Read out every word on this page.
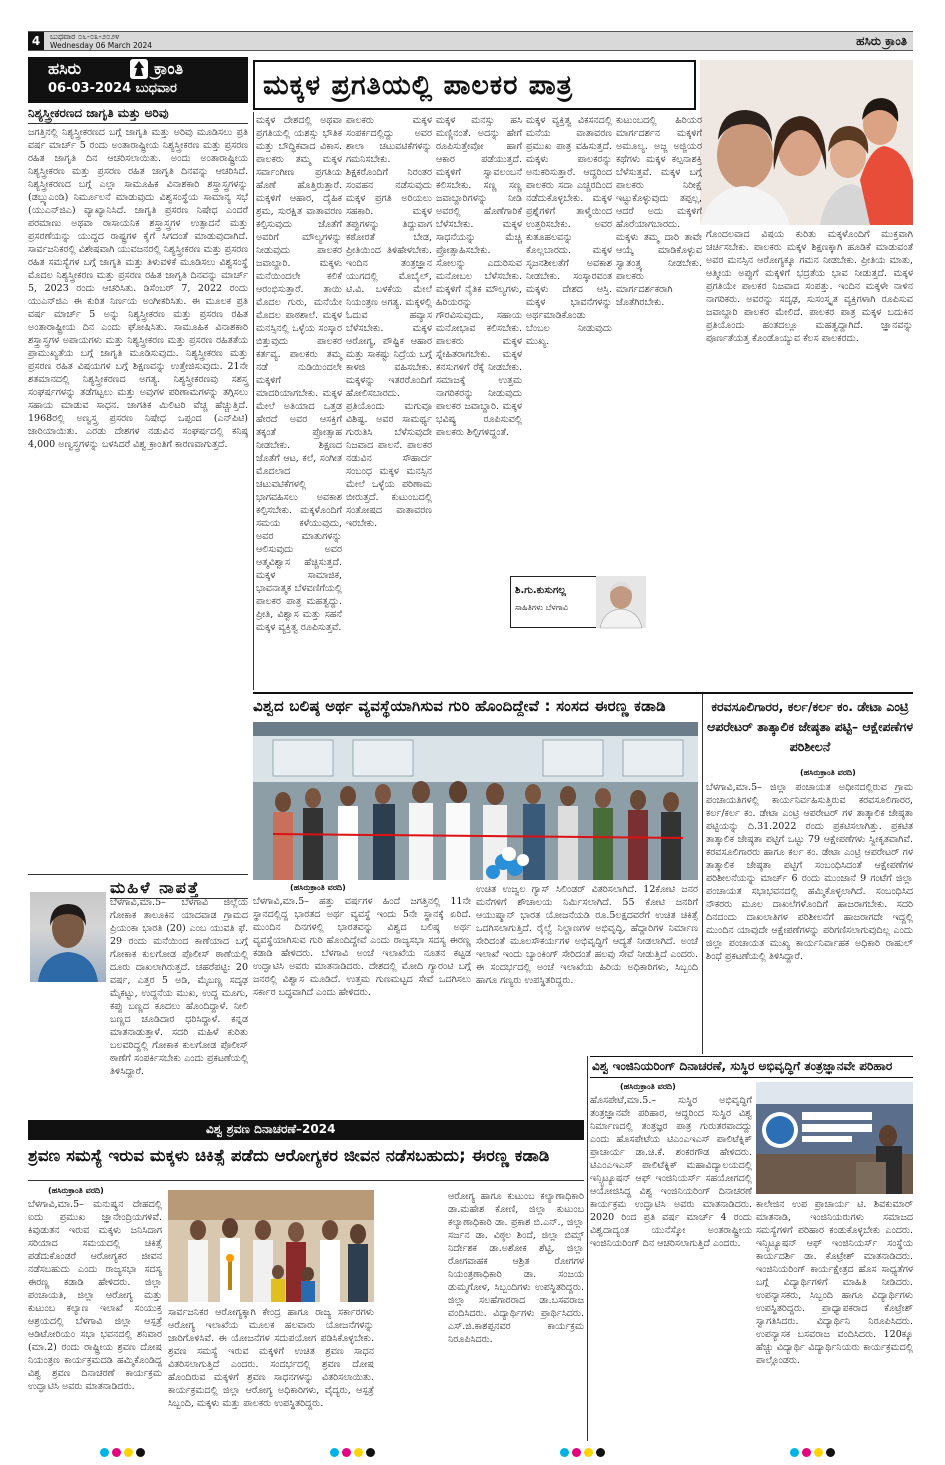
4	ಬುಧವಾರ ೦೬-೦೩-೨೦೨೪
Wednesday 06 March 2024	ಹಸಿರು ಕ್ರಾಂತಿ
ಹಸಿರು	ಕ್ರಾಂತಿ
06-03-2024 ಬುಧವಾರ
ನಿಶ್ಯಸ್ತ್ರೀಕರಣದ ಜಾಗೃತಿ ಮತ್ತು ಅರಿವು
ಜಗತ್ತಿನಲ್ಲಿ ನಿಶ್ಯಸ್ತ್ರೀಕರಣದ ಬಗ್ಗೆ ಜಾಗೃತಿ ಮತ್ತು ಅರಿವು ಮೂಡಿಸಲು ಪ್ರತಿ ವರ್ಷ ಮಾರ್ಚ್ 5 ರಂದು ಅಂತಾರಾಷ್ಟ್ರೀಯ ನಿಶ್ಯಸ್ತ್ರೀಕರಣ ಮತ್ತು ಪ್ರಸರಣ ರಹಿತ ಜಾಗೃತಿ ದಿನ ಆಚರಿಸಲಾಯಿತು. ಅಂದು ಅಂತಾರಾಷ್ಟ್ರೀಯ ನಿಶ್ಯಸ್ತ್ರೀಕರಣ ಮತ್ತು ಪ್ರಸರಣ ರಹಿತ ಜಾಗೃತಿ ದಿನವನ್ನು ಆಚರಿಸಿದೆ. ನಿಶ್ಯಸ್ತ್ರೀಕರಣದ ಬಗ್ಗೆ ಎಲ್ಲಾ ಸಾಮೂಹಿಕ ವಿನಾಶಕಾರಿ ಶಸ್ತ್ರಾಸ್ತ್ರಗಳನ್ನು (ಡಬ್ಲ್ಯುಎಂಡಿ) ನಿರ್ಮೂಲನೆ ಮಾಡುವುದು ವಿಶ್ವಸಂಸ್ಥೆಯ ಸಾಮಾನ್ಯ ಸಭೆ (ಯುಎನ್‌ಜಿಎ) ವ್ಯಾಖ್ಯಾನಿಸಿದೆ. ಜಾಗೃತಿ ಪ್ರಸರಣ ನಿಷೇಧ ಎಂದರೆ ಪರಮಾಣು ಅಥವಾ ರಾಸಾಯನಿಕ ಶಸ್ತ್ರಾಸ್ತ್ರಗಳ ಉತ್ಪಾದನೆ ಮತ್ತು ಪ್ರಸರಣೆಯನ್ನು ಯುದ್ಧದ ರಾಷ್ಟ್ರಗಳ ಕೈಗೆ ಸಿಗದಂತೆ ಮಾಡುವುದಾಗಿದೆ. ಸಾರ್ವಜನಿಕರಲ್ಲಿ ವಿಶೇಷವಾಗಿ ಯುವಜನರಲ್ಲಿ ನಿಶ್ಯಸ್ತ್ರೀಕರಣ ಮತ್ತು ಪ್ರಸರಣ ರಹಿತ ಸಮಸ್ಯೆಗಳ ಬಗ್ಗೆ ಜಾಗೃತಿ ಮತ್ತು ತಿಳುವಳಿಕೆ ಮೂಡಿಸಲು ವಿಶ್ವಸಂಸ್ಥೆ ಮೊದಲ ನಿಶ್ಯಸ್ತ್ರೀಕರಣ ಮತ್ತು ಪ್ರಸರಣ ರಹಿತ ಜಾಗೃತಿ ದಿನವನ್ನು ಮಾರ್ಚ್ 5, 2023 ರಂದು ಆಚರಿಸಿತು. ಡಿಸೆಂಬರ್ 7, 2022 ರಂದು ಯುಎನ್‌ಜಿಎ ಈ ಕುರಿತ ನಿರ್ಣಯ ಅಂಗೀಕರಿಸಿತು. ಈ ಮೂಲಕ ಪ್ರತಿ ವರ್ಷ ಮಾರ್ಚ್ 5 ಅನ್ನು ನಿಶ್ಯಸ್ತ್ರೀಕರಣ ಮತ್ತು ಪ್ರಸರಣ ರಹಿತ ಅಂತಾರಾಷ್ಟ್ರೀಯ ದಿನ ಎಂದು ಘೋಷಿಸಿತು. ಸಾಮೂಹಿಕ ವಿನಾಶಕಾರಿ ಶಸ್ತ್ರಾಸ್ತ್ರಗಳ ಅಪಾಯಗಳು ಮತ್ತು ನಿಶ್ಯಸ್ತ್ರೀಕರಣ ಮತ್ತು ಪ್ರಸರಣ ರಹಿತತೆಯ ಪ್ರಾಮುಖ್ಯತೆಯ ಬಗ್ಗೆ ಜಾಗೃತಿ ಮೂಡಿಸುವುದು. ನಿಶ್ಯಸ್ತ್ರೀಕರಣ ಮತ್ತು ಪ್ರಸರಣ ರಹಿತ ವಿಷಯಗಳ ಬಗ್ಗೆ ಶಿಕ್ಷಣವನ್ನು ಉತ್ತೇಜಿಸುವುದು. 21ನೇ ಶತಮಾನದಲ್ಲಿ ನಿಶ್ಯಸ್ತ್ರೀಕರಣದ ಅಗತ್ಯ. ನಿಶ್ಯಸ್ತ್ರೀಕರಣವು ಸಶಸ್ತ್ರ ಸಂಘರ್ಷಗಳನ್ನು ತಡೆಗಟ್ಟಲು ಮತ್ತು ಅವುಗಳ ಪರಿಣಾಮಗಳನ್ನು ತಗ್ಗಿಸಲು ಸಹಾಯ ಮಾಡುವ ಸಾಧನ. ಜಾಗತಿಕ ಮಿಲಿಟರಿ ವೆಚ್ಚ ಹೆಚ್ಚುತ್ತಿದೆ. 1968ರಲ್ಲಿ ಅಣ್ವಸ್ತ್ರ ಪ್ರಸರಣ ನಿಷೇಧ ಒಪ್ಪಂದ (ಎನ್‌ಪಿಟಿ) ಜಾರಿಯಾಯಿತು. ಎರಡು ದೇಶಗಳ ನಡುವಿನ ಸಂಘರ್ಷದಲ್ಲಿ ಕನಿಷ್ಠ 4,000 ಅಣ್ವಸ್ತ್ರಗಳನ್ನು ಬಳಸಿದರೆ ವಿಶ್ವ ಕ್ರಾಂತಿಗೆ ಕಾರಣವಾಗುತ್ತದೆ.
ಮಹಿಳೆ ನಾಪತ್ತೆ
ಬೆಳಗಾವಿ,ಮಾ.5– ಬೆಳಗಾವಿ ಜಿಲ್ಲೆಯ ಗೋಕಾಕ ತಾಲೂಕಿನ ಯಾದವಾಡ ಗ್ರಾಮದ ಪ್ರಿಯಂಕಾ ಭಾರತಿ (20) ಎಂಬ ಯುವತಿ ಫೆ. 29 ರಂದು ಮನೆಯಿಂದ ಕಾಣೆಯಾದ ಬಗ್ಗೆ ಗೋಕಾಕ ಕುಲಗೋಡ ಪೊಲೀಸ್ ಠಾಣೆಯಲ್ಲಿ ದೂರು ದಾಖಲಾಗಿರುತ್ತದೆ. ಚಹರೆಪಟ್ಟಿ: 20 ವರ್ಷ, ಎತ್ತರ 5 ಅಡಿ, ಮೈಬಣ್ಣ ಸದೃಢ ಮೈಕಟ್ಟು, ಉದ್ದನೆಯ ಮುಖ, ಉದ್ದ ಮೂಗು, ಕಪ್ಪು ಬಣ್ಣದ ಕೂದಲು ಹೊಂದಿದ್ದಾಳೆ. ನೀಲಿ ಬಣ್ಣದ ಚೂಡಿದಾರ ಧರಿಸಿದ್ದಾಳೆ. ಕನ್ನಡ ಮಾತನಾಡುತ್ತಾಳೆ. ಸದರಿ ಮಹಿಳೆ ಕುರಿತು ಬಲವರಿದ್ದಲ್ಲಿ ಗೋಕಾಕ ಕುಲಗೋಡ ಪೊಲೀಸ್ ಠಾಣೆಗೆ ಸಂಪರ್ಕಿಸಬೇಕು ಎಂದು ಪ್ರಕಟಣೆಯಲ್ಲಿ ತಿಳಿಸಿದ್ದಾರೆ.
ಮಕ್ಕಳ ಪ್ರಗತಿಯಲ್ಲಿ ಪಾಲಕರ ಪಾತ್ರ
ಮಕ್ಕಳ ದೇಶದಲ್ಲಿ ಅಥವಾ ಪ್ರಗತಿಯಲ್ಲಿ ಯಶಸ್ಸು ಭೌತಿಕ ಮತ್ತು ಬೌದ್ಧಿಕವಾದ ವಿಕಾಸ. ಪಾಲಕರು ತಮ್ಮ ಮಕ್ಕಳ ಸರ್ವಾಂಗೀಣ ಪ್ರಗತಿಯ ಹೊಣೆ ಹೊತ್ತಿರುತ್ತಾರೆ. ಮಕ್ಕಳಿಗೆ ಆಹಾರ, ದೈಹಿಕ ಶ್ರಮ, ಸುರಕ್ಷಿತ ವಾತಾವರಣ ಕಲ್ಪಿಸುವುದು ಜೊತೆಗೆ ಅವರಿಗೆ ಮೌಲ್ಯಗಳನ್ನು ನೀಡುವುದು ಪಾಲಕರ ಜವಾಬ್ದಾರಿ. ಮಕ್ಕಳು ಮನೆಯಿಂದಲೇ ಕಲಿಕೆ ಆರಂಭಿಸುತ್ತಾರೆ. ತಾಯಿ ಮೊದಲ ಗುರು, ಮನೆಯೇ ಮೊದಲ ಪಾಠಶಾಲೆ. ಮಕ್ಕಳ ಮನಸ್ಸಿನಲ್ಲಿ ಒಳ್ಳೆಯ ಸಂಸ್ಕಾರ ಬಿತ್ತುವುದು ಪಾಲಕರ ಕರ್ತವ್ಯ. ಪಾಲಕರು ತಮ್ಮ ನಡೆ ನುಡಿಯಿಂದಲೇ ಮಕ್ಕಳಿಗೆ ಮಾದರಿಯಾಗಬೇಕು. ಮಕ್ಕಳ ಮೇಲೆ ಅತಿಯಾದ ಒತ್ತಡ ಹೇರದೆ ಅವರ ಆಸಕ್ತಿಗೆ ತಕ್ಕಂತೆ ಪ್ರೋತ್ಸಾಹ ನೀಡಬೇಕು. ಶಿಕ್ಷಣದ ಜೊತೆಗೆ ಆಟ, ಕಲೆ, ಸಂಗೀತ ಮೊದಲಾದ ಚಟುವಟಿಕೆಗಳಲ್ಲಿ ಭಾಗವಹಿಸಲು ಅವಕಾಶ ಕಲ್ಪಿಸಬೇಕು. ಮಕ್ಕಳೊಂದಿಗೆ ಸಮಯ ಕಳೆಯುವುದು, ಅವರ ಮಾತುಗಳನ್ನು ಆಲಿಸುವುದು ಅವರ ಆತ್ಮವಿಶ್ವಾಸ ಹೆಚ್ಚಿಸುತ್ತದೆ. ಮಕ್ಕಳ ಸಾಮಾಜಿಕ, ಭಾವನಾತ್ಮಕ ಬೆಳವಣಿಗೆಯಲ್ಲಿ ಪಾಲಕರ ಪಾತ್ರ ಮಹತ್ವದ್ದು. ಪ್ರೀತಿ, ವಿಶ್ವಾಸ ಮತ್ತು ಸಹನೆ ಮಕ್ಕಳ ವ್ಯಕ್ತಿತ್ವ ರೂಪಿಸುತ್ತವೆ.
ಪಾಲಕರು ಮಕ್ಕಳ ಸಂಪರ್ಕದಲ್ಲಿದ್ದು ಅವರ ಶಾಲಾ ಚಟುವಟಿಕೆಗಳನ್ನು ಗಮನಿಸಬೇಕು. ಶಿಕ್ಷಕರೊಂದಿಗೆ ನಿರಂತರ ಸಂವಹನ ನಡೆಸುವುದು ಮಕ್ಕಳ ಪ್ರಗತಿ ಅರಿಯಲು ಸಹಕಾರಿ. ಮಕ್ಕಳ ತಪ್ಪುಗಳನ್ನು ತಿದ್ದುವಾಗ ಕಠೋರತೆ ಬೇಡ, ಪ್ರೀತಿಯಿಂದ ತಿಳಿಹೇಳಬೇಕು. ಇಂದಿನ ತಂತ್ರಜ್ಞಾನ ಯುಗದಲ್ಲಿ ಮೊಬೈಲ್, ಟಿ.ವಿ. ಬಳಕೆಯ ಮೇಲೆ ನಿಯಂತ್ರಣ ಅಗತ್ಯ. ಮಕ್ಕಳಲ್ಲಿ ಓದುವ ಹವ್ಯಾಸ ಬೆಳೆಸಬೇಕು. ಮಕ್ಕಳ ಆರೋಗ್ಯ, ಪೌಷ್ಟಿಕ ಆಹಾರ ಮತ್ತು ಸಾಕಷ್ಟು ನಿದ್ರೆಯ ಬಗ್ಗೆ ಕಾಳಜಿ ವಹಿಸಬೇಕು. ಮಕ್ಕಳನ್ನು ಇತರರೊಂದಿಗೆ ಹೋಲಿಸಬಾರದು. ಪ್ರತಿಯೊಂದು ಮಗುವೂ ವಿಶಿಷ್ಟ. ಅವರ ಸಾಮರ್ಥ್ಯ ಗುರುತಿಸಿ ಬೆಳೆಸುವುದೇ ನಿಜವಾದ ಪಾಲನೆ. ಪಾಲಕರ ನಡುವಿನ ಸೌಹಾರ್ದ ಸಂಬಂಧ ಮಕ್ಕಳ ಮನಸ್ಸಿನ ಮೇಲೆ ಒಳ್ಳೆಯ ಪರಿಣಾಮ ಬೀರುತ್ತದೆ. ಕುಟುಂಬದಲ್ಲಿ ಸಂತೋಷದ ವಾತಾವರಣ ಇರಬೇಕು.
ಮಕ್ಕಳ ಮನಸ್ಸು ಹಸಿ ಮಣ್ಣಿನಂತೆ. ಅದನ್ನು ಹೇಗೆ ರೂಪಿಸುತ್ತೇವೋ ಹಾಗೆ ಆಕಾರ ಪಡೆಯುತ್ತದೆ. ಮಕ್ಕಳಿಗೆ ಸ್ವಾವಲಂಬನೆ ಕಲಿಸಬೇಕು. ಸಣ್ಣ ಸಣ್ಣ ಜವಾಬ್ದಾರಿಗಳನ್ನು ನೀಡಿ ಅವರಲ್ಲಿ ಹೊಣೆಗಾರಿಕೆ ಬೆಳೆಸಬೇಕು. ಮಕ್ಕಳ ಸಾಧನೆಯನ್ನು ಮೆಚ್ಚಿ ಪ್ರೋತ್ಸಾಹಿಸಬೇಕು. ಸೋಲನ್ನು ಎದುರಿಸುವ ಮನೋಬಲ ಬೆಳೆಸಬೇಕು. ಮಕ್ಕಳಿಗೆ ನೈತಿಕ ಮೌಲ್ಯಗಳು, ಹಿರಿಯರನ್ನು ಗೌರವಿಸುವುದು, ಸಹಾಯ ಮನೋಭಾವ ಕಲಿಸಬೇಕು. ಪಾಲಕರು ಮಕ್ಕಳ ಸ್ನೇಹಿತರಾಗಬೇಕು. ಮಕ್ಕಳ ಕನಸುಗಳಿಗೆ ರೆಕ್ಕೆ ನೀಡಬೇಕು. ಸಮಾಜಕ್ಕೆ ಉತ್ತಮ ನಾಗರಿಕರನ್ನು ನೀಡುವುದು ಪಾಲಕರ ಜವಾಬ್ದಾರಿ. ಮಕ್ಕಳ ಭವಿಷ್ಯ ರೂಪಿಸುವಲ್ಲಿ ಪಾಲಕರು ಶಿಲ್ಪಿಗಳಿದ್ದಂತೆ.
ಮಕ್ಕಳ ವ್ಯಕ್ತಿತ್ವ ವಿಕಸನದಲ್ಲಿ ಮನೆಯ ವಾತಾವರಣ ಪ್ರಮುಖ ಪಾತ್ರ ವಹಿಸುತ್ತದೆ. ಮಕ್ಕಳು ಪಾಲಕರನ್ನು ಅನುಕರಿಸುತ್ತಾರೆ. ಆದ್ದರಿಂದ ಪಾಲಕರು ಸದಾ ಎಚ್ಚರದಿಂದ ನಡೆದುಕೊಳ್ಳಬೇಕು. ಮಕ್ಕಳ ಪ್ರಶ್ನೆಗಳಿಗೆ ತಾಳ್ಮೆಯಿಂದ ಉತ್ತರಿಸಬೇಕು. ಅವರ ಕುತೂಹಲವನ್ನು ಕೊಲ್ಲಬಾರದು. ಮಕ್ಕಳ ಸೃಜನಶೀಲತೆಗೆ ಅವಕಾಶ ನೀಡಬೇಕು. ಸಂಸ್ಕಾರವಂತ ಮಕ್ಕಳು ದೇಶದ ಆಸ್ತಿ. ಮಕ್ಕಳ ಭಾವನೆಗಳನ್ನು ಅರ್ಥಮಾಡಿಕೊಂಡು ಬೆಂಬಲ ನೀಡುವುದು ಮುಖ್ಯ.
ಕುಟುಂಬದಲ್ಲಿ ಹಿರಿಯರ ಮಾರ್ಗದರ್ಶನ ಮಕ್ಕಳಿಗೆ ಅಮೂಲ್ಯ. ಅಜ್ಜ ಅಜ್ಜಿಯರ ಕಥೆಗಳು ಮಕ್ಕಳ ಕಲ್ಪನಾಶಕ್ತಿ ಬೆಳೆಸುತ್ತವೆ. ಮಕ್ಕಳ ಬಗ್ಗೆ ಪಾಲಕರು ನಿರೀಕ್ಷೆ ಇಟ್ಟುಕೊಳ್ಳುವುದು ತಪ್ಪಲ್ಲ, ಆದರೆ ಅದು ಮಕ್ಕಳಿಗೆ ಹೊರೆಯಾಗಬಾರದು. ಮಕ್ಕಳು ತಮ್ಮ ದಾರಿ ತಾವೇ ಆಯ್ಕೆ ಮಾಡಿಕೊಳ್ಳುವ ಸ್ವಾತಂತ್ರ್ಯ ನೀಡಬೇಕು. ಪಾಲಕರು ಮಾರ್ಗದರ್ಶಕರಾಗಿ ಜೊತೆಗಿರಬೇಕು.
ಗೊಂದಲವಾದ ವಿಷಯ ಕುರಿತು ಮಕ್ಕಳೊಂದಿಗೆ ಮುಕ್ತವಾಗಿ ಚರ್ಚಿಸಬೇಕು. ಪಾಲಕರು ಮಕ್ಕಳ ಶಿಕ್ಷಣಕ್ಕಾಗಿ ಹೂಡಿಕೆ ಮಾಡುವಂತೆ ಅವರ ಮನಸ್ಸಿನ ಆರೋಗ್ಯಕ್ಕೂ ಗಮನ ನೀಡಬೇಕು. ಪ್ರೀತಿಯ ಮಾತು, ಆತ್ಮೀಯ ಅಪ್ಪುಗೆ ಮಕ್ಕಳಿಗೆ ಭದ್ರತೆಯ ಭಾವ ನೀಡುತ್ತದೆ. ಮಕ್ಕಳ ಪ್ರಗತಿಯೇ ಪಾಲಕರ ನಿಜವಾದ ಸಂಪತ್ತು. ಇಂದಿನ ಮಕ್ಕಳೇ ನಾಳಿನ ನಾಗರಿಕರು. ಅವರನ್ನು ಸದೃಢ, ಸುಸಂಸ್ಕೃತ ವ್ಯಕ್ತಿಗಳಾಗಿ ರೂಪಿಸುವ ಜವಾಬ್ದಾರಿ ಪಾಲಕರ ಮೇಲಿದೆ. ಪಾಲಕರ ಪಾತ್ರ ಮಕ್ಕಳ ಬದುಕಿನ ಪ್ರತಿಯೊಂದು ಹಂತದಲ್ಲೂ ಮಹತ್ವದ್ದಾಗಿದೆ. ಜ್ಞಾನವನ್ನು ಪೂರ್ಣತೆಯತ್ತ ಕೊಂಡೊಯ್ಯುವ ಕೆಲಸ ಪಾಲಕರದು.
ಶಿ.ಗು.ಕುಸುಗಲ್ಲ
ಸಾಹಿತಿಗಳು ಬೆಳಗಾವಿ
ವಿಶ್ವದ ಬಲಿಷ್ಠ ಅರ್ಥ ವ್ಯವಸ್ಥೆಯಾಗಿಸುವ ಗುರಿ ಹೊಂದಿದ್ದೇವೆ : ಸಂಸದ ಈರಣ್ಣ ಕಡಾಡಿ
(ಹಸಿರುಕ್ರಾಂತಿ ವರದಿ)
ಬೆಳಗಾವಿ,ಮಾ.5– ಹತ್ತು ವರ್ಷಗಳ ಹಿಂದೆ ಜಗತ್ತಿನಲ್ಲಿ 11ನೇ ಸ್ಥಾನದಲ್ಲಿದ್ದ ಭಾರತದ ಅರ್ಥ ವ್ಯವಸ್ಥೆ ಇಂದು 5ನೇ ಸ್ಥಾನಕ್ಕೆ ಏರಿದೆ. ಮುಂದಿನ ದಿನಗಳಲ್ಲಿ ಭಾರತವನ್ನು ವಿಶ್ವದ ಬಲಿಷ್ಠ ಅರ್ಥ ವ್ಯವಸ್ಥೆಯಾಗಿಸುವ ಗುರಿ ಹೊಂದಿದ್ದೇವೆ ಎಂದು ರಾಜ್ಯಸಭಾ ಸದಸ್ಯ ಈರಣ್ಣ ಕಡಾಡಿ ಹೇಳಿದರು. ಬೆಳಗಾವಿ ಅಂಚೆ ಇಲಾಖೆಯ ನೂತನ ಕಟ್ಟಡ ಉದ್ಘಾಟಿಸಿ ಅವರು ಮಾತನಾಡಿದರು. ದೇಶದಲ್ಲಿ ಮೋದಿ ಗ್ಯಾರಂಟಿ ಬಗ್ಗೆ ಜನರಲ್ಲಿ ವಿಶ್ವಾಸ ಮೂಡಿದೆ. ಉತ್ತಮ ಗುಣಮಟ್ಟದ ಸೇವೆ ಒದಗಿಸಲು ಸರ್ಕಾರ ಬದ್ಧವಾಗಿದೆ ಎಂದು ಹೇಳಿದರು.
ಉಚಿತ ಉಜ್ವಲ ಗ್ಯಾಸ್ ಸಿಲಿಂಡರ್ ವಿತರಿಸಲಾಗಿದೆ. 12ಕೋಟಿ ಜನರ ಮನೆಗಳಿಗೆ ಶೌಚಾಲಯ ನಿರ್ಮಿಸಲಾಗಿದೆ. 55 ಕೋಟಿ ಜನರಿಗೆ ಆಯುಷ್ಮಾನ್ ಭಾರತ ಯೋಜನೆಯಡಿ ರೂ.5ಲಕ್ಷದವರೆಗೆ ಉಚಿತ ಚಿಕಿತ್ಸೆ ಒದಗಿಸಲಾಗುತ್ತಿದೆ. ರೈಲ್ವೆ ನಿಲ್ದಾಣಗಳ ಅಭಿವೃದ್ಧಿ, ಹೆದ್ದಾರಿಗಳ ನಿರ್ಮಾಣ ಸೇರಿದಂತೆ ಮೂಲಸೌಕರ್ಯಗಳ ಅಭಿವೃದ್ಧಿಗೆ ಆದ್ಯತೆ ನೀಡಲಾಗಿದೆ. ಅಂಚೆ ಇಲಾಖೆ ಇಂದು ಬ್ಯಾಂಕಿಂಗ್ ಸೇರಿದಂತೆ ಹಲವು ಸೇವೆ ನೀಡುತ್ತಿದೆ ಎಂದರು. ಈ ಸಂದರ್ಭದಲ್ಲಿ ಅಂಚೆ ಇಲಾಖೆಯ ಹಿರಿಯ ಅಧಿಕಾರಿಗಳು, ಸಿಬ್ಬಂದಿ ಹಾಗೂ ಗಣ್ಯರು ಉಪಸ್ಥಿತರಿದ್ದರು.
ಕರವಸೂಲಿಗಾರರ, ಕರ್ಲ/ಕರ್ಲ ಕಂ. ಡೇಟಾ ಎಂಟ್ರಿ ಆಪರೇಟರ್ ತಾತ್ಕಾಲಿಕ ಜೇಷ್ಠತಾ ಪಟ್ಟಿ– ಆಕ್ಷೇಪಣೆಗಳ ಪರಿಶೀಲನೆ
(ಹಸಿರುಕ್ರಾಂತಿ ವರದಿ)
ಬೆಳಗಾವಿ,ಮಾ.5– ಜಿಲ್ಲಾ ಪಂಚಾಯತ ಅಧೀನದಲ್ಲಿರುವ ಗ್ರಾಮ ಪಂಚಾಯತಿಗಳಲ್ಲಿ ಕಾರ್ಯನಿರ್ವಹಿಸುತ್ತಿರುವ ಕರವಸೂಲಿಗಾರರ, ಕರ್ಲ/ಕರ್ಲ ಕಂ. ಡೇಟಾ ಎಂಟ್ರಿ ಆಪರೇಟರ್ ಗಳ ತಾತ್ಕಾಲಿಕ ಜೇಷ್ಠತಾ ಪಟ್ಟಿಯನ್ನು ದಿ.31.2022 ರಂದು ಪ್ರಕಟಿಸಲಾಗಿತ್ತು. ಪ್ರಕಟಿತ ತಾತ್ಕಾಲಿಕ ಜೇಷ್ಠತಾ ಪಟ್ಟಿಗೆ ಒಟ್ಟು 79 ಆಕ್ಷೇಪಣೆಗಳು ಸ್ವೀಕೃತವಾಗಿವೆ. ಕರವಸೂಲಿಗಾರರು ಹಾಗೂ ಕರ್ಲ ಕಂ. ಡೇಟಾ ಎಂಟ್ರಿ ಆಪರೇಟರ್ ಗಳ ತಾತ್ಕಾಲಿಕ ಜೇಷ್ಠತಾ ಪಟ್ಟಿಗೆ ಸಂಬಂಧಿಸಿದಂತೆ ಆಕ್ಷೇಪಣೆಗಳ ಪರಿಶೀಲನೆಯನ್ನು ಮಾರ್ಚ್ 6 ರಂದು ಮುಂಜಾನೆ 9 ಗಂಟೆಗೆ ಜಿಲ್ಲಾ ಪಂಚಾಯತ ಸಭಾಭವನದಲ್ಲಿ ಹಮ್ಮಿಕೊಳ್ಳಲಾಗಿದೆ. ಸಂಬಂಧಿಸಿದ ನೌಕರರು ಮೂಲ ದಾಖಲೆಗಳೊಂದಿಗೆ ಹಾಜರಾಗಬೇಕು. ಸದರಿ ದಿನದಂದು ದಾಖಲಾತಿಗಳ ಪರಿಶೀಲನೆಗೆ ಹಾಜರಾಗದೇ ಇದ್ದಲ್ಲಿ ಮುಂದಿನ ಯಾವುದೇ ಆಕ್ಷೇಪಣೆಗಳನ್ನು ಪರಿಗಣಿಸಲಾಗುವುದಿಲ್ಲ ಎಂದು ಜಿಲ್ಲಾ ಪಂಚಾಯತ ಮುಖ್ಯ ಕಾರ್ಯನಿರ್ವಾಹಕ ಅಧಿಕಾರಿ ರಾಹುಲ್ ಶಿಂಧೆ ಪ್ರಕಟಣೆಯಲ್ಲಿ ತಿಳಿಸಿದ್ದಾರೆ.
ವಿಶ್ವ ಇಂಜಿನಿಯರಿಂಗ್ ದಿನಾಚರಣೆ, ಸುಸ್ಥಿರ ಅಭಿವೃದ್ಧಿಗೆ ತಂತ್ರಜ್ಞಾನವೇ ಪರಿಹಾರ
(ಹಸಿರುಕ್ರಾಂತಿ ವರದಿ)
ಹೊಸಪೇಟೆ,ಮಾ.5.– ಸುಸ್ಥಿರ ಅಭಿವೃದ್ಧಿಗೆ ತಂತ್ರಜ್ಞಾನವೇ ಪರಿಹಾರ, ಆದ್ದರಿಂದ ಸುಸ್ಥಿರ ವಿಶ್ವ ನಿರ್ಮಾಣದಲ್ಲಿ ತಂತ್ರಜ್ಞರ ಪಾತ್ರ ಗುರುತರವಾದದ್ದು ಎಂದು ಹೊಸಪೇಟೆಯ ಟಿಎಂಎಇಎಸ್ ಪಾಲಿಟೆಕ್ನಿಕ್ ಪ್ರಾಚಾರ್ಯ ಡಾ.ಚಿ.ಕೆ. ಶಂಕರಗೌಡ ಹೇಳಿದರು. ಟಿಎಂಎಇಎಸ್ ಪಾಲಿಟೆಕ್ನಿಕ್ ಮಹಾವಿದ್ಯಾಲಯದಲ್ಲಿ ಇನ್ಸ್ಟಿಟ್ಯೂಷನ್ ಆಫ್ ಇಂಜಿನಿಯರ್ಸ್ ಸಹಯೋಗದಲ್ಲಿ ಆಯೋಜಿಸಿದ್ದ ವಿಶ್ವ ಇಂಜಿನಿಯರಿಂಗ್ ದಿನಾಚರಣೆ ಕಾರ್ಯಕ್ರಮ ಉದ್ಘಾಟಿಸಿ ಅವರು ಮಾತನಾಡಿದರು. 2020 ರಿಂದ ಪ್ರತಿ ವರ್ಷ ಮಾರ್ಚ್ 4 ರಂದು ವಿಶ್ವದಾದ್ಯಂತ ಯುನೆಸ್ಕೋ ಅಂತರಾಷ್ಟ್ರೀಯ ಇಂಜಿನಿಯರಿಂಗ್ ದಿನ ಆಚರಿಸಲಾಗುತ್ತಿದೆ ಎಂದರು.
ಕಾಲೇಜಿನ ಉಪ ಪ್ರಾಚಾರ್ಯ ಟಿ. ಶಿವಕುಮಾರ್ ಮಾತನಾಡಿ, ಇಂಜಿನಿಯರುಗಳು ಸಮಾಜದ ಸಮಸ್ಯೆಗಳಿಗೆ ಪರಿಹಾರ ಕಂಡುಕೊಳ್ಳಬೇಕು ಎಂದರು. ಇನ್ಸ್ಟಿಟ್ಯೂಷನ್ ಆಫ್ ಇಂಜಿನಿಯರ್ಸ್ ಸಂಸ್ಥೆಯ ಕಾರ್ಯದರ್ಶಿ ಡಾ. ಕೊಟ್ರೇಶ್ ಮಾತನಾಡಿದರು. ಇಂಜಿನಿಯರಿಂಗ್ ಕಾರ್ಯಕ್ಷೇತ್ರದ ಹೊಸ ಸಾಧ್ಯತೆಗಳ ಬಗ್ಗೆ ವಿದ್ಯಾರ್ಥಿಗಳಿಗೆ ಮಾಹಿತಿ ನೀಡಿದರು. ಉಪನ್ಯಾಸಕರು, ಸಿಬ್ಬಂದಿ ಹಾಗೂ ವಿದ್ಯಾರ್ಥಿಗಳು ಉಪಸ್ಥಿತರಿದ್ದರು. ಪ್ರಾಧ್ಯಾಪಕರಾದ ಕೊಟ್ರೇಶ್ ಸ್ವಾಗತಿಸಿದರು. ವಿದ್ಯಾರ್ಥಿನಿ ನಿರೂಪಿಸಿದರು. ಉಪನ್ಯಾಸಕ ಬಸವರಾಜ ವಂದಿಸಿದರು. 120ಕ್ಕೂ ಹೆಚ್ಚು ವಿದ್ಯಾರ್ಥಿ ವಿದ್ಯಾರ್ಥಿನಿಯರು ಕಾರ್ಯಕ್ರಮದಲ್ಲಿ ಪಾಲ್ಗೊಂಡರು.
ವಿಶ್ವ ಶ್ರವಣ ದಿನಾಚರಣೆ–2024
ಶ್ರವಣ ಸಮಸ್ಯೆ ಇರುವ ಮಕ್ಕಳು ಚಿಕಿತ್ಸೆ ಪಡೆದು ಆರೋಗ್ಯಕರ ಜೀವನ ನಡೆಸಬಹುದು; ಈರಣ್ಣ ಕಡಾಡಿ
(ಹಸಿರುಕ್ರಾಂತಿ ವರದಿ)
ಬೆಳಗಾವಿ,ಮಾ.5– ಮನುಷ್ಯನ ದೇಹದಲ್ಲಿ ಐದು ಪ್ರಮುಖ ಜ್ಞಾನೇಂದ್ರಿಯಗಳಿವೆ. ಕಿವುಡುತನ ಇರುವ ಮಕ್ಕಳು ಜನಿಸಿದಾಗ ಸರಿಯಾದ ಸಮಯದಲ್ಲಿ ಚಿಕಿತ್ಸೆ ಪಡೆದುಕೊಂಡರೆ ಆರೋಗ್ಯಕರ ಜೀವನ ನಡೆಸಬಹುದು ಎಂದು ರಾಜ್ಯಸಭಾ ಸದಸ್ಯ ಈರಣ್ಣ ಕಡಾಡಿ ಹೇಳಿದರು. ಜಿಲ್ಲಾ ಪಂಚಾಯತಿ, ಜಿಲ್ಲಾ ಆರೋಗ್ಯ ಮತ್ತು ಕುಟುಂಬ ಕಲ್ಯಾಣ ಇಲಾಖೆ ಸಂಯುಕ್ತ ಆಶ್ರಯದಲ್ಲಿ ಬೆಳಗಾವಿ ಜಿಲ್ಲಾ ಆಸ್ಪತ್ರೆ ಆಡಿಟೋರಿಯಂ ಸಭಾ ಭವನದಲ್ಲಿ ಶನಿವಾರ (ಮಾ.2) ರಂದು ರಾಷ್ಟ್ರೀಯ ಶ್ರವಣ ದೋಷ ನಿಯಂತ್ರಣ ಕಾರ್ಯಕ್ರಮದಡಿ ಹಮ್ಮಿಕೊಂಡಿದ್ದ ವಿಶ್ವ ಶ್ರವಣ ದಿನಾಚರಣೆ ಕಾರ್ಯಕ್ರಮ ಉದ್ಘಾಟಿಸಿ ಅವರು ಮಾತನಾಡಿದರು.
ಸಾರ್ವಜನಿಕರ ಆರೋಗ್ಯಕ್ಕಾಗಿ ಕೇಂದ್ರ ಹಾಗೂ ರಾಜ್ಯ ಸರ್ಕಾರಗಳು ಆರೋಗ್ಯ ಇಲಾಖೆಯ ಮೂಲಕ ಹಲವಾರು ಯೋಜನೆಗಳನ್ನು ಜಾರಿಗೊಳಿಸಿವೆ. ಈ ಯೋಜನೆಗಳ ಸದುಪಯೋಗ ಪಡಿಸಿಕೊಳ್ಳಬೇಕು. ಶ್ರವಣ ಸಮಸ್ಯೆ ಇರುವ ಮಕ್ಕಳಿಗೆ ಉಚಿತ ಶ್ರವಣ ಸಾಧನ ವಿತರಿಸಲಾಗುತ್ತಿದೆ ಎಂದರು. ಸಂದರ್ಭದಲ್ಲಿ ಶ್ರವಣ ದೋಷ ಹೊಂದಿರುವ ಮಕ್ಕಳಿಗೆ ಶ್ರವಣ ಸಾಧನಗಳನ್ನು ವಿತರಿಸಲಾಯಿತು. ಕಾರ್ಯಕ್ರಮದಲ್ಲಿ ಜಿಲ್ಲಾ ಆರೋಗ್ಯ ಅಧಿಕಾರಿಗಳು, ವೈದ್ಯರು, ಆಸ್ಪತ್ರೆ ಸಿಬ್ಬಂದಿ, ಮಕ್ಕಳು ಮತ್ತು ಪಾಲಕರು ಉಪಸ್ಥಿತರಿದ್ದರು.
ಆರೋಗ್ಯ ಹಾಗೂ ಕುಟುಂಬ ಕಲ್ಯಾಣಾಧಿಕಾರಿ ಡಾ.ಮಹೇಶ ಕೋಣಿ, ಜಿಲ್ಲಾ ಕುಟುಂಬ ಕಲ್ಯಾಣಾಧಿಕಾರಿ ಡಾ. ಪ್ರಕಾಶ ಬಿ.ಎನ್., ಜಿಲ್ಲಾ ಸರ್ಜನ ಡಾ. ವಿಠ್ಠಲ ಶಿಂದೆ, ಜಿಲ್ಲಾ ಬಿಮ್ಸ್ ನಿರ್ದೇಶಕ ಡಾ.ಅಶೋಕ ಶೆಟ್ಟಿ, ಜಿಲ್ಲಾ ರೋಗವಾಹಕ ಆಶ್ರಿತ ರೋಗಗಳ ನಿಯಂತ್ರಣಾಧಿಕಾರಿ ಡಾ. ಸಂಜಯ ಡುಮ್ಮಗೋಳ, ಸಿಬ್ಬಂದಿಗಳು ಉಪಸ್ಥಿತರಿದ್ದರು. ಜಿಲ್ಲಾ ಸಲಹೆಗಾರರಾದ ಡಾ.ಬಸವರಾಜ ವಂದಿಸಿದರು. ವಿದ್ಯಾರ್ಥಿಗಳು ಪ್ರಾರ್ಥಿಸಿದರು. ಎಸ್.ಜಿ.ಕಾಶಪ್ಪನವರ ಕಾರ್ಯಕ್ರಮ ನಿರೂಪಿಸಿದರು.
